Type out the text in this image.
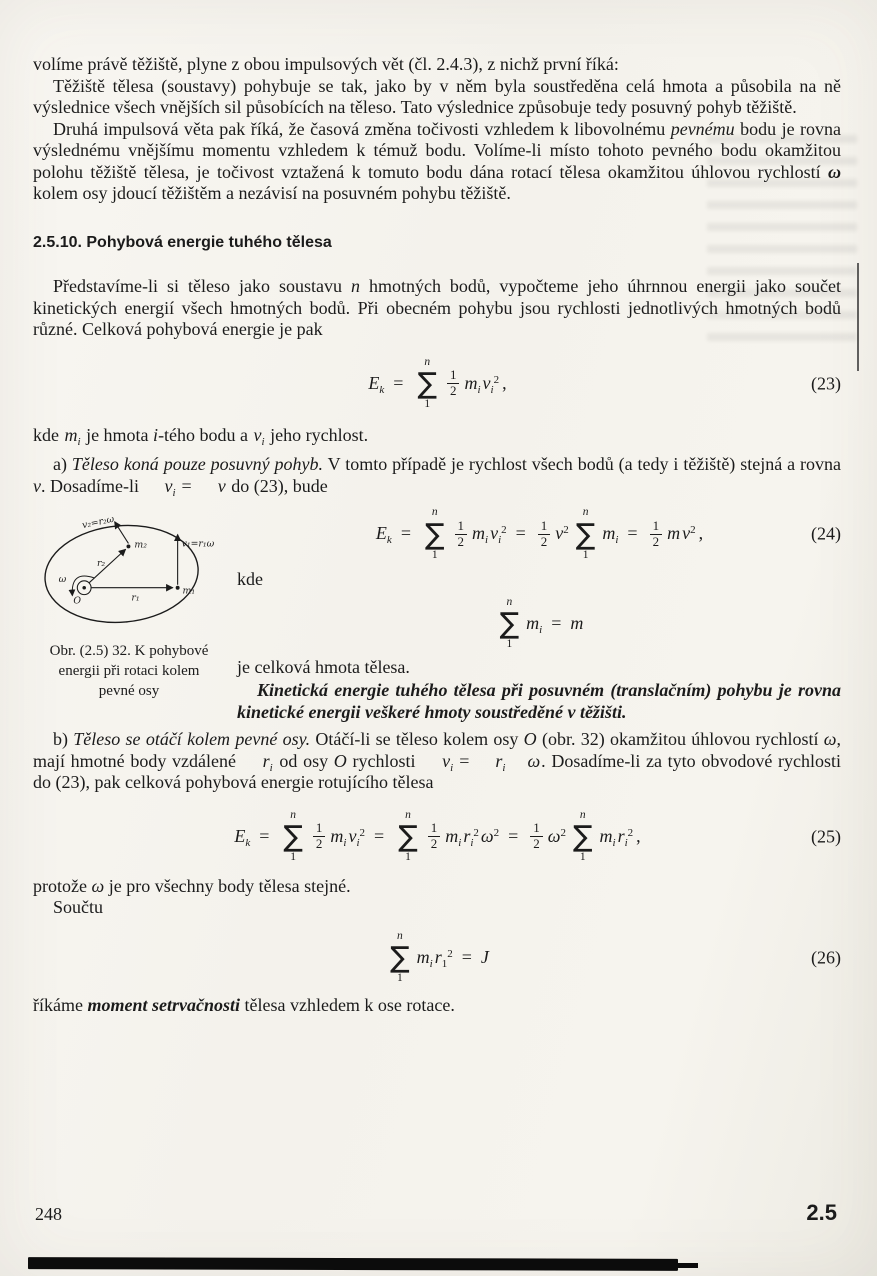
volíme právě těžiště, plyne z obou impulsových vět (čl. 2.4.3), z nichž první říká:

Těžiště tělesa (soustavy) pohybuje se tak, jako by v něm byla soustředěna celá hmota a působila na ně výslednice všech vnějších sil působících na těleso. Tato výslednice způsobuje tedy posuvný pohyb těžiště.

Druhá impulsová věta pak říká, že časová změna točivosti vzhledem k libovolnému pevnému bodu je rovna výslednému vnějšímu momentu vzhledem k témuž bodu. Volíme-li místo tohoto pevného bodu okamžitou polohu těžiště tělesa, je točivost vztažená k tomuto bodu dána rotací tělesa okamžitou úhlovou rychlostí ω kolem osy jdoucí těžištěm a nezávisí na posuvném pohybu těžiště.

2.5.10. Pohybová energie tuhého tělesa

Představíme-li si těleso jako soustavu n hmotných bodů, vypočteme jeho úhrnnou energii jako součet kinetických energií všech hmotných bodů. Při obecném pohybu jsou rychlosti jednotlivých hmotných bodů různé. Celková pohybová energie je pak

$E_k$ =
n
∑
1
$\frac{1}{2} m_i$ $v_i^2$ ,	(23)

kde $m_i$ je hmota i-tého bodu a $v_i$ jeho rychlost.

a) Těleso koná pouze posuvný pohyb. V tomto případě je rychlost všech bodů (a tedy i těžiště) stejná a rovna v. Dosadíme-li $v_i = v$ do (23), bude

v₂=r₂ω
m₂
r₂
ω
O	r₁
m₁
v₁=r₁ω
Obr. (2.5) 32. K pohybové energii při rotaci kolem pevné osy
$E_k$ =
n
∑
1
$\frac{1}{2} m_i$ $v_i^2 = \frac{1}{2} v^2$
n
∑
1
$m_i = \frac{1}{2}$ m $v^2$ ,	(24)
kde
n
∑
1
$m_i = m$

je celková hmota tělesa.

Kinetická energie tuhého tělesa při posuvném (translačním) pohybu je rovna kinetické energii veškeré hmoty soustředěné v těžišti.

b) Těleso se otáčí kolem pevné osy. Otáčí-li se těleso kolem osy O (obr. 32) okamžitou úhlovou rychlostí ω, mají hmotné body vzdálené $r_i$ od osy O rychlosti $v_i = r_i$ ω. Dosadíme-li za tyto obvodové rychlosti do (23), pak celková pohybová energie rotujícího tělesa

$E_k$ =
n
∑
1
$\frac{1}{2} m_i$ $v_i^2$ =
n
∑
1
$\frac{1}{2} m_i$ $r_i^2$ $\omega^2 = \frac{1}{2} \omega^2$
n
∑
1
$m_i$ $r_i^2$ ,	(25)

protože ω je pro všechny body tělesa stejné.

Součtu

n
∑
1
$m_i$ $r_1^2 = J$	(26)

říkáme moment setrvačnosti tělesa vzhledem k ose rotace.

248	2.5
